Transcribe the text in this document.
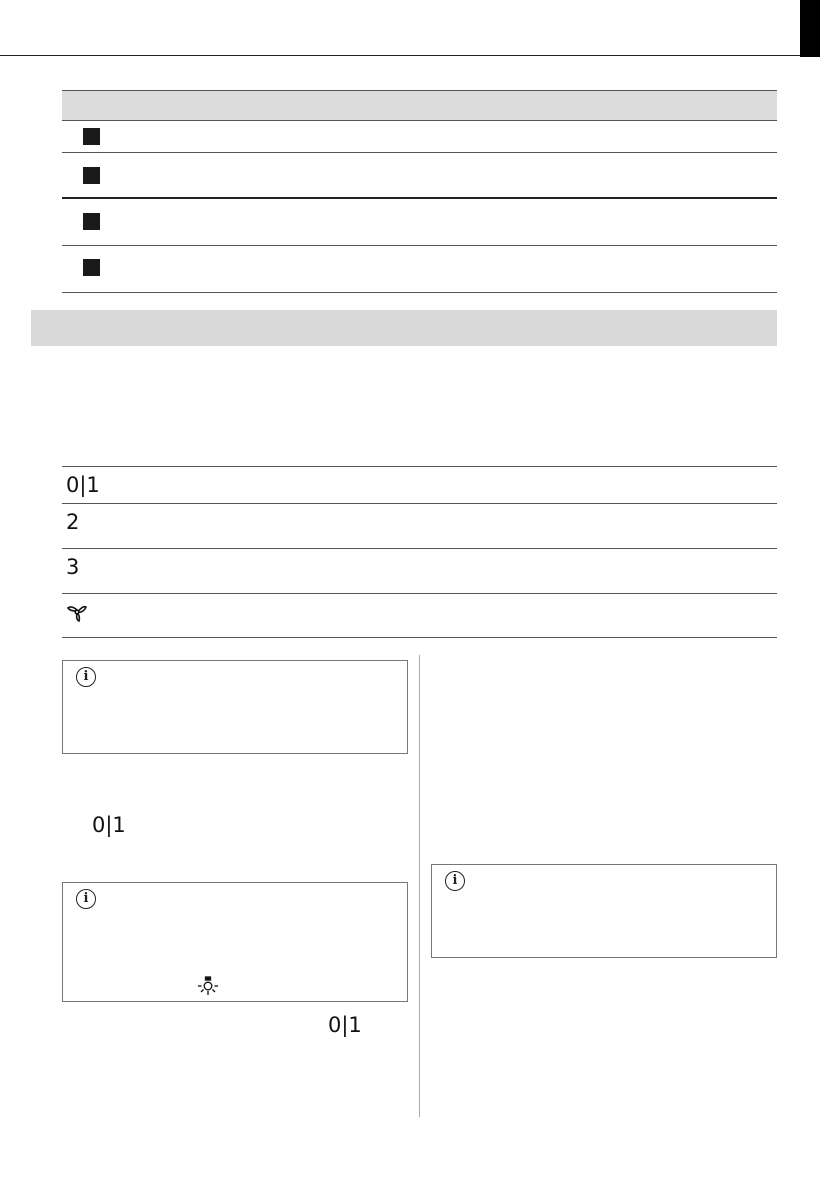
0|1
2
3
i
0|1
i
0|1
i
